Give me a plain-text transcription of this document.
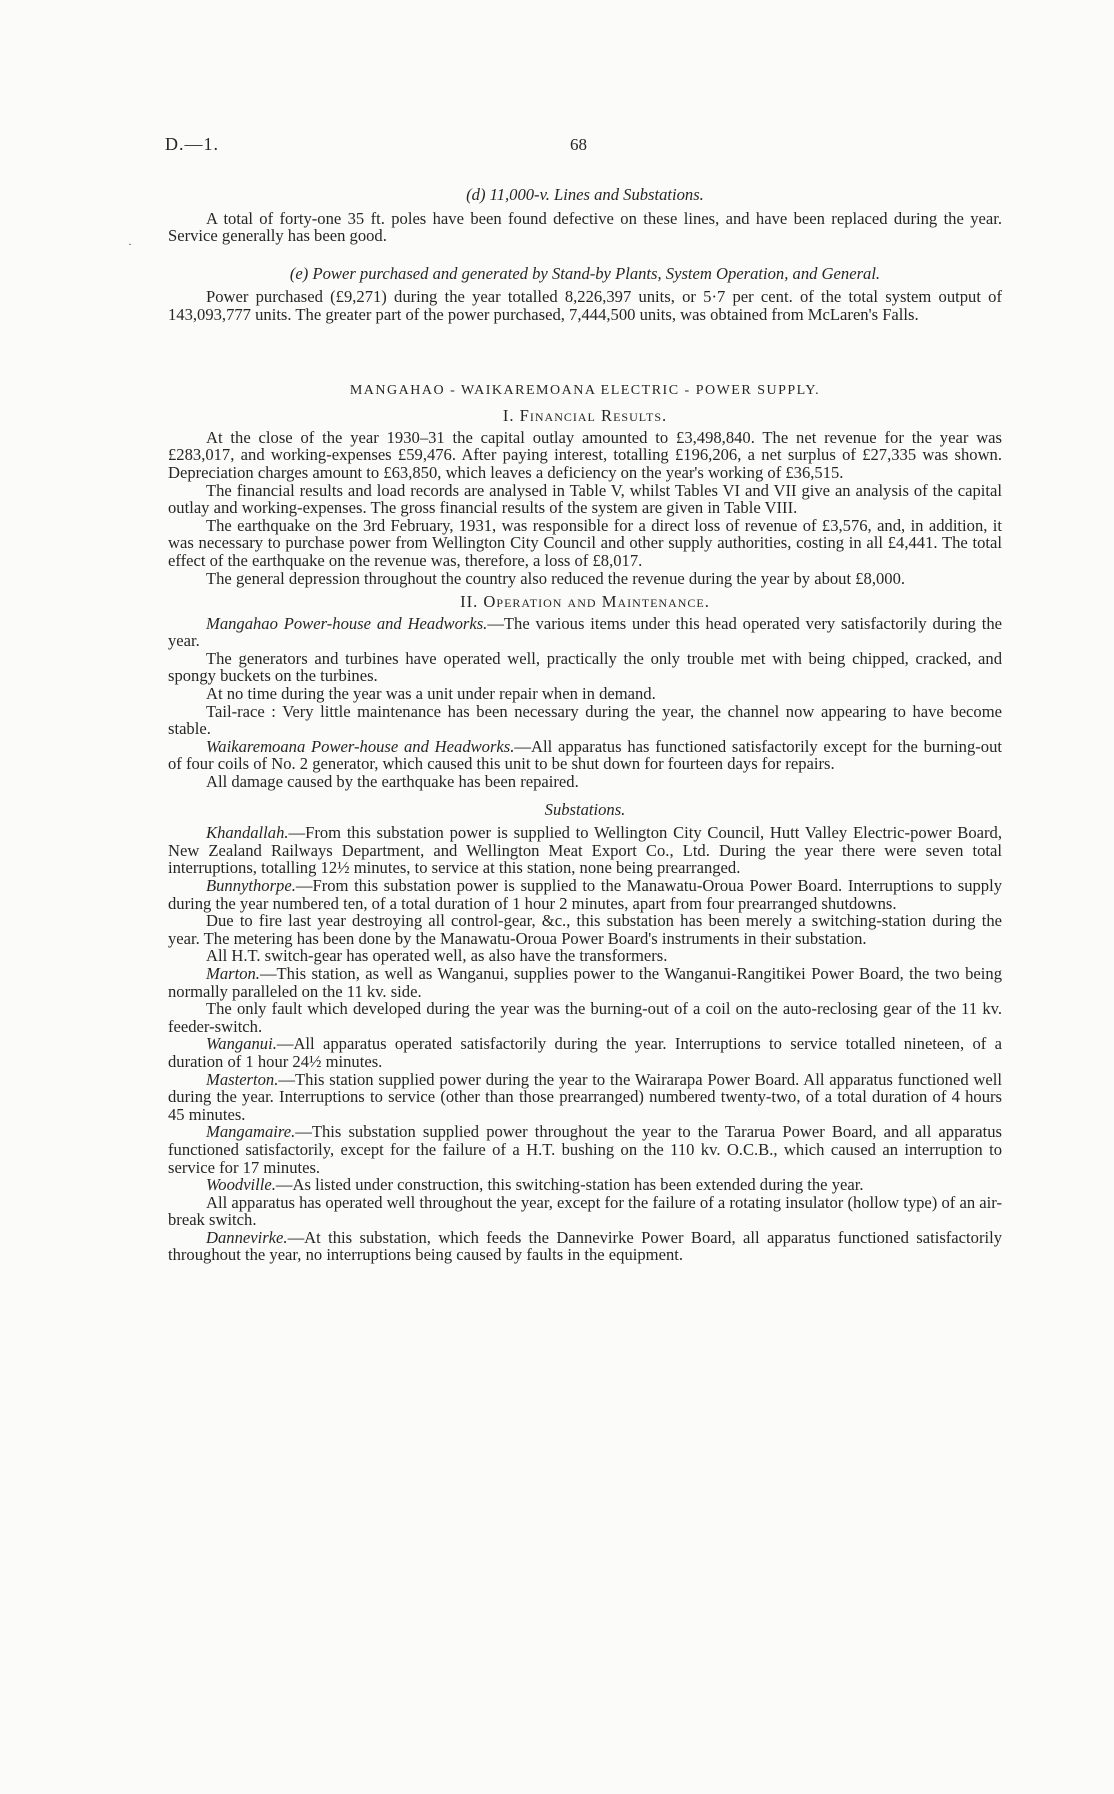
D.—1.	68
·

(d) 11,000-v. Lines and Substations.

A total of forty-one 35 ft. poles have been found defective on these lines, and have been replaced during the year. Service generally has been good.

(e) Power purchased and generated by Stand-by Plants, System Operation, and General.

Power purchased (£9,271) during the year totalled 8,226,397 units, or 5·7 per cent. of the total system output of 143,093,777 units. The greater part of the power purchased, 7,444,500 units, was obtained from McLaren's Falls.

MANGAHAO - WAIKAREMOANA ELECTRIC - POWER SUPPLY.

I. Financial Results.

At the close of the year 1930–31 the capital outlay amounted to £3,498,840. The net revenue for the year was £283,017, and working-expenses £59,476. After paying interest, totalling £196,206, a net surplus of £27,335 was shown. Depreciation charges amount to £63,850, which leaves a deficiency on the year's working of £36,515.

The financial results and load records are analysed in Table V, whilst Tables VI and VII give an analysis of the capital outlay and working-expenses. The gross financial results of the system are given in Table VIII.

The earthquake on the 3rd February, 1931, was responsible for a direct loss of revenue of £3,576, and, in addition, it was necessary to purchase power from Wellington City Council and other supply authorities, costing in all £4,441. The total effect of the earthquake on the revenue was, therefore, a loss of £8,017.

The general depression throughout the country also reduced the revenue during the year by about £8,000.

II. Operation and Maintenance.

Mangahao Power-house and Headworks.—The various items under this head operated very satisfactorily during the year.

The generators and turbines have operated well, practically the only trouble met with being chipped, cracked, and spongy buckets on the turbines.

At no time during the year was a unit under repair when in demand.

Tail-race : Very little maintenance has been necessary during the year, the channel now appearing to have become stable.

Waikaremoana Power-house and Headworks.—All apparatus has functioned satisfactorily except for the burning-out of four coils of No. 2 generator, which caused this unit to be shut down for fourteen days for repairs.

All damage caused by the earthquake has been repaired.

Substations.

Khandallah.—From this substation power is supplied to Wellington City Council, Hutt Valley Electric-power Board, New Zealand Railways Department, and Wellington Meat Export Co., Ltd. During the year there were seven total interruptions, totalling 12½ minutes, to service at this station, none being prearranged.

Bunnythorpe.—From this substation power is supplied to the Manawatu-Oroua Power Board. Interruptions to supply during the year numbered ten, of a total duration of 1 hour 2 minutes, apart from four prearranged shutdowns.

Due to fire last year destroying all control-gear, &c., this substation has been merely a switching-station during the year. The metering has been done by the Manawatu-Oroua Power Board's instruments in their substation.

All H.T. switch-gear has operated well, as also have the transformers.

Marton.—This station, as well as Wanganui, supplies power to the Wanganui-Rangitikei Power Board, the two being normally paralleled on the 11 kv. side.

The only fault which developed during the year was the burning-out of a coil on the auto-reclosing gear of the 11 kv. feeder-switch.

Wanganui.—All apparatus operated satisfactorily during the year. Interruptions to service totalled nineteen, of a duration of 1 hour 24½ minutes.

Masterton.—This station supplied power during the year to the Wairarapa Power Board. All apparatus functioned well during the year. Interruptions to service (other than those prearranged) numbered twenty-two, of a total duration of 4 hours 45 minutes.

Mangamaire.—This substation supplied power throughout the year to the Tararua Power Board, and all apparatus functioned satisfactorily, except for the failure of a H.T. bushing on the 110 kv. O.C.B., which caused an interruption to service for 17 minutes.

Woodville.—As listed under construction, this switching-station has been extended during the year.

All apparatus has operated well throughout the year, except for the failure of a rotating insulator (hollow type) of an air-break switch.

Dannevirke.—At this substation, which feeds the Dannevirke Power Board, all apparatus functioned satisfactorily throughout the year, no interruptions being caused by faults in the equipment.
